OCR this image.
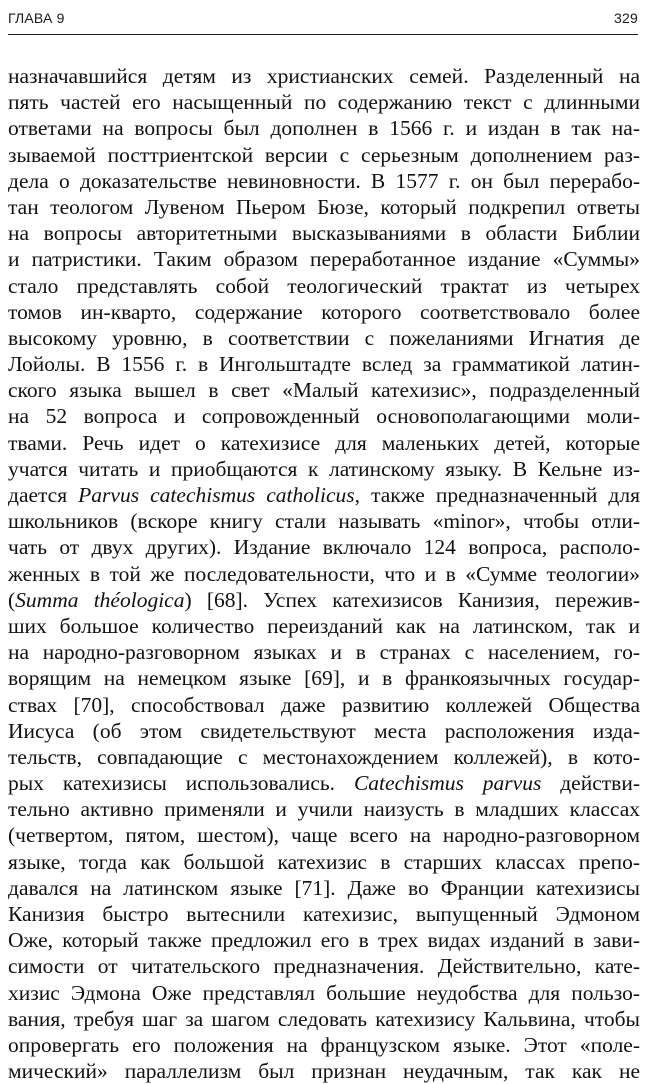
ГЛАВА 9	329
назначавшийся детям из христианских семей. Разделенный на
пять частей его насыщенный по содержанию текст с длинными
ответами на вопросы был дополнен в 1566 г. и издан в так на-
зываемой посттриентской версии с серьезным дополнением раз-
дела о доказательстве невиновности. В 1577 г. он был перерабо-
тан теологом Лувеном Пьером Бюзе, который подкрепил ответы
на вопросы авторитетными высказываниями в области Библии
и патристики. Таким образом переработанное издание «Суммы»
стало представлять собой теологический трактат из четырех
томов ин-кварто, содержание которого соответствовало более
высокому уровню, в соответствии с пожеланиями Игнатия де
Лойолы. В 1556 г. в Ингольштадте вслед за грамматикой латин-
ского языка вышел в свет «Малый катехизис», подразделенный
на 52 вопроса и сопровожденный основополагающими моли-
твами. Речь идет о катехизисе для маленьких детей, которые
учатся читать и приобщаются к латинскому языку. В Кельне из-
дается Parvus catechismus catholicus, также предназначенный для
школьников (вскоре книгу стали называть «minor», чтобы отли-
чать от двух других). Издание включало 124 вопроса, располо-
женных в той же последовательности, что и в «Сумме теологии»
(Summa théologica) [68]. Успех катехизисов Канизия, пережив-
ших большое количество переизданий как на латинском, так и
на народно-разговорном языках и в странах с населением, го-
ворящим на немецком языке [69], и в франкоязычных государ-
ствах [70], способствовал даже развитию коллежей Общества
Иисуса (об этом свидетельствуют места расположения изда-
тельств, совпадающие с местонахождением коллежей), в кото-
рых катехизисы использовались. Catechismus parvus действи-
тельно активно применяли и учили наизусть в младших классах
(четвертом, пятом, шестом), чаще всего на народно-разговорном
языке, тогда как большой катехизис в старших классах препо-
давался на латинском языке [71]. Даже во Франции катехизисы
Канизия быстро вытеснили катехизис, выпущенный Эдмоном
Оже, который также предложил его в трех видах изданий в зави-
симости от читательского предназначения. Действительно, кате-
хизис Эдмона Оже представлял большие неудобства для пользо-
вания, требуя шаг за шагом следовать катехизису Кальвина, чтобы
опровергать его положения на французском языке. Этот «поле-
мический» параллелизм был признан неудачным, так как не
